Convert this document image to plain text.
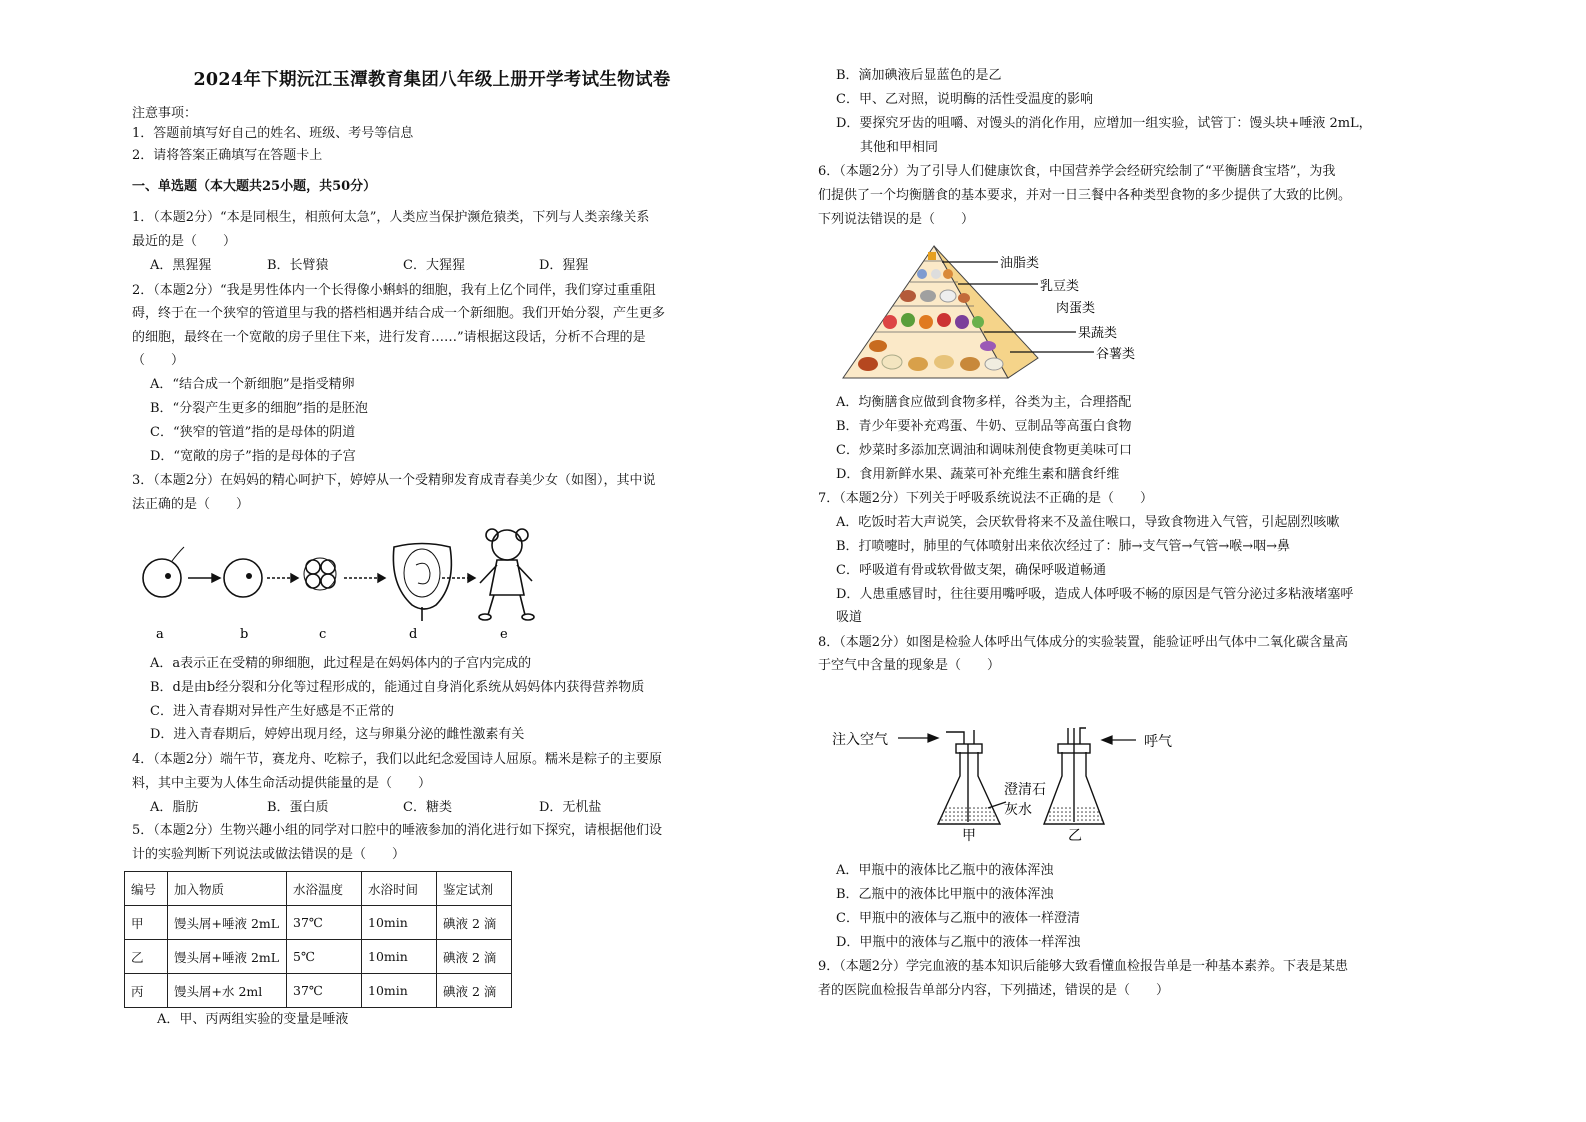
2024年下期沅江玉潭教育集团八年级上册开学考试生物试卷
注意事项：
1．答题前填写好自己的姓名、班级、考号等信息
2．请将答案正确填写在答题卡上
一、单选题（本大题共25小题，共50分）
1．（本题2分）“本是同根生，相煎何太急”，人类应当保护濒危猿类，下列与人类亲缘关系
最近的是（　　）
A．黑猩猩	B．长臂猿	C．大猩猩	D．猩猩
2．（本题2分）“我是男性体内一个长得像小蝌蚪的细胞，我有上亿个同伴，我们穿过重重阻
碍，终于在一个狭窄的管道里与我的搭档相遇并结合成一个新细胞。我们开始分裂，产生更多
的细胞，最终在一个宽敞的房子里住下来，进行发育……”请根据这段话，分析不合理的是
（　　）
A．“结合成一个新细胞”是指受精卵
B．“分裂产生更多的细胞”指的是胚泡
C．“狭窄的管道”指的是母体的阴道
D．“宽敞的房子”指的是母体的子宫
3．（本题2分）在妈妈的精心呵护下，婷婷从一个受精卵发育成青春美少女（如图），其中说
法正确的是（　　）
a	b	c	d	e
A．a表示正在受精的卵细胞，此过程是在妈妈体内的子宫内完成的
B．d是由b经分裂和分化等过程形成的，能通过自身消化系统从妈妈体内获得营养物质
C．进入青春期对异性产生好感是不正常的
D．进入青春期后，婷婷出现月经，这与卵巢分泌的雌性激素有关
4．（本题2分）端午节，赛龙舟、吃粽子，我们以此纪念爱国诗人屈原。糯米是粽子的主要原
料，其中主要为人体生命活动提供能量的是（　　）
A．脂肪	B．蛋白质	C．糖类	D．无机盐
5．（本题2分）生物兴趣小组的同学对口腔中的唾液参加的消化进行如下探究，请根据他们设
计的实验判断下列说法或做法错误的是（　　）
编号	加入物质	水浴温度	水浴时间	鉴定试剂
甲	馒头屑+唾液 2mL	37℃	10min	碘液 2 滴
乙	馒头屑+唾液 2mL	5℃	10min	碘液 2 滴
丙	馒头屑+水 2ml	37℃	10min	碘液 2 滴
A．甲、丙两组实验的变量是唾液
B．滴加碘液后显蓝色的是乙
C．甲、乙对照，说明酶的活性受温度的影响
D．要探究牙齿的咀嚼、对馒头的消化作用，应增加一组实验，试管丁：馒头块+唾液 2mL，
其他和甲相同
6．（本题2分）为了引导人们健康饮食，中国营养学会经研究绘制了“平衡膳食宝塔”，为我
们提供了一个均衡膳食的基本要求，并对一日三餐中各种类型食物的多少提供了大致的比例。
下列说法错误的是（　　）
油脂类
乳豆类
肉蛋类
果蔬类
谷薯类
A．均衡膳食应做到食物多样，谷类为主，合理搭配
B．青少年要补充鸡蛋、牛奶、豆制品等高蛋白食物
C．炒菜时多添加烹调油和调味剂使食物更美味可口
D．食用新鲜水果、蔬菜可补充维生素和膳食纤维
7．（本题2分）下列关于呼吸系统说法不正确的是（　　）
A．吃饭时若大声说笑，会厌软骨将来不及盖住喉口，导致食物进入气管，引起剧烈咳嗽
B．打喷嚏时，肺里的气体喷射出来依次经过了：肺→支气管→气管→喉→咽→鼻
C．呼吸道有骨或软骨做支架，确保呼吸道畅通
D．人患重感冒时，往往要用嘴呼吸，造成人体呼吸不畅的原因是气管分泌过多粘液堵塞呼
吸道
8．（本题2分）如图是检验人体呼出气体成分的实验装置，能验证呼出气体中二氧化碳含量高
于空气中含量的现象是（　　）
注入空气	呼气
澄清石
灰水
甲	乙
A．甲瓶中的液体比乙瓶中的液体浑浊
B．乙瓶中的液体比甲瓶中的液体浑浊
C．甲瓶中的液体与乙瓶中的液体一样澄清
D．甲瓶中的液体与乙瓶中的液体一样浑浊
9．（本题2分）学完血液的基本知识后能够大致看懂血检报告单是一种基本素养。下表是某患
者的医院血检报告单部分内容，下列描述，错误的是（　　）
